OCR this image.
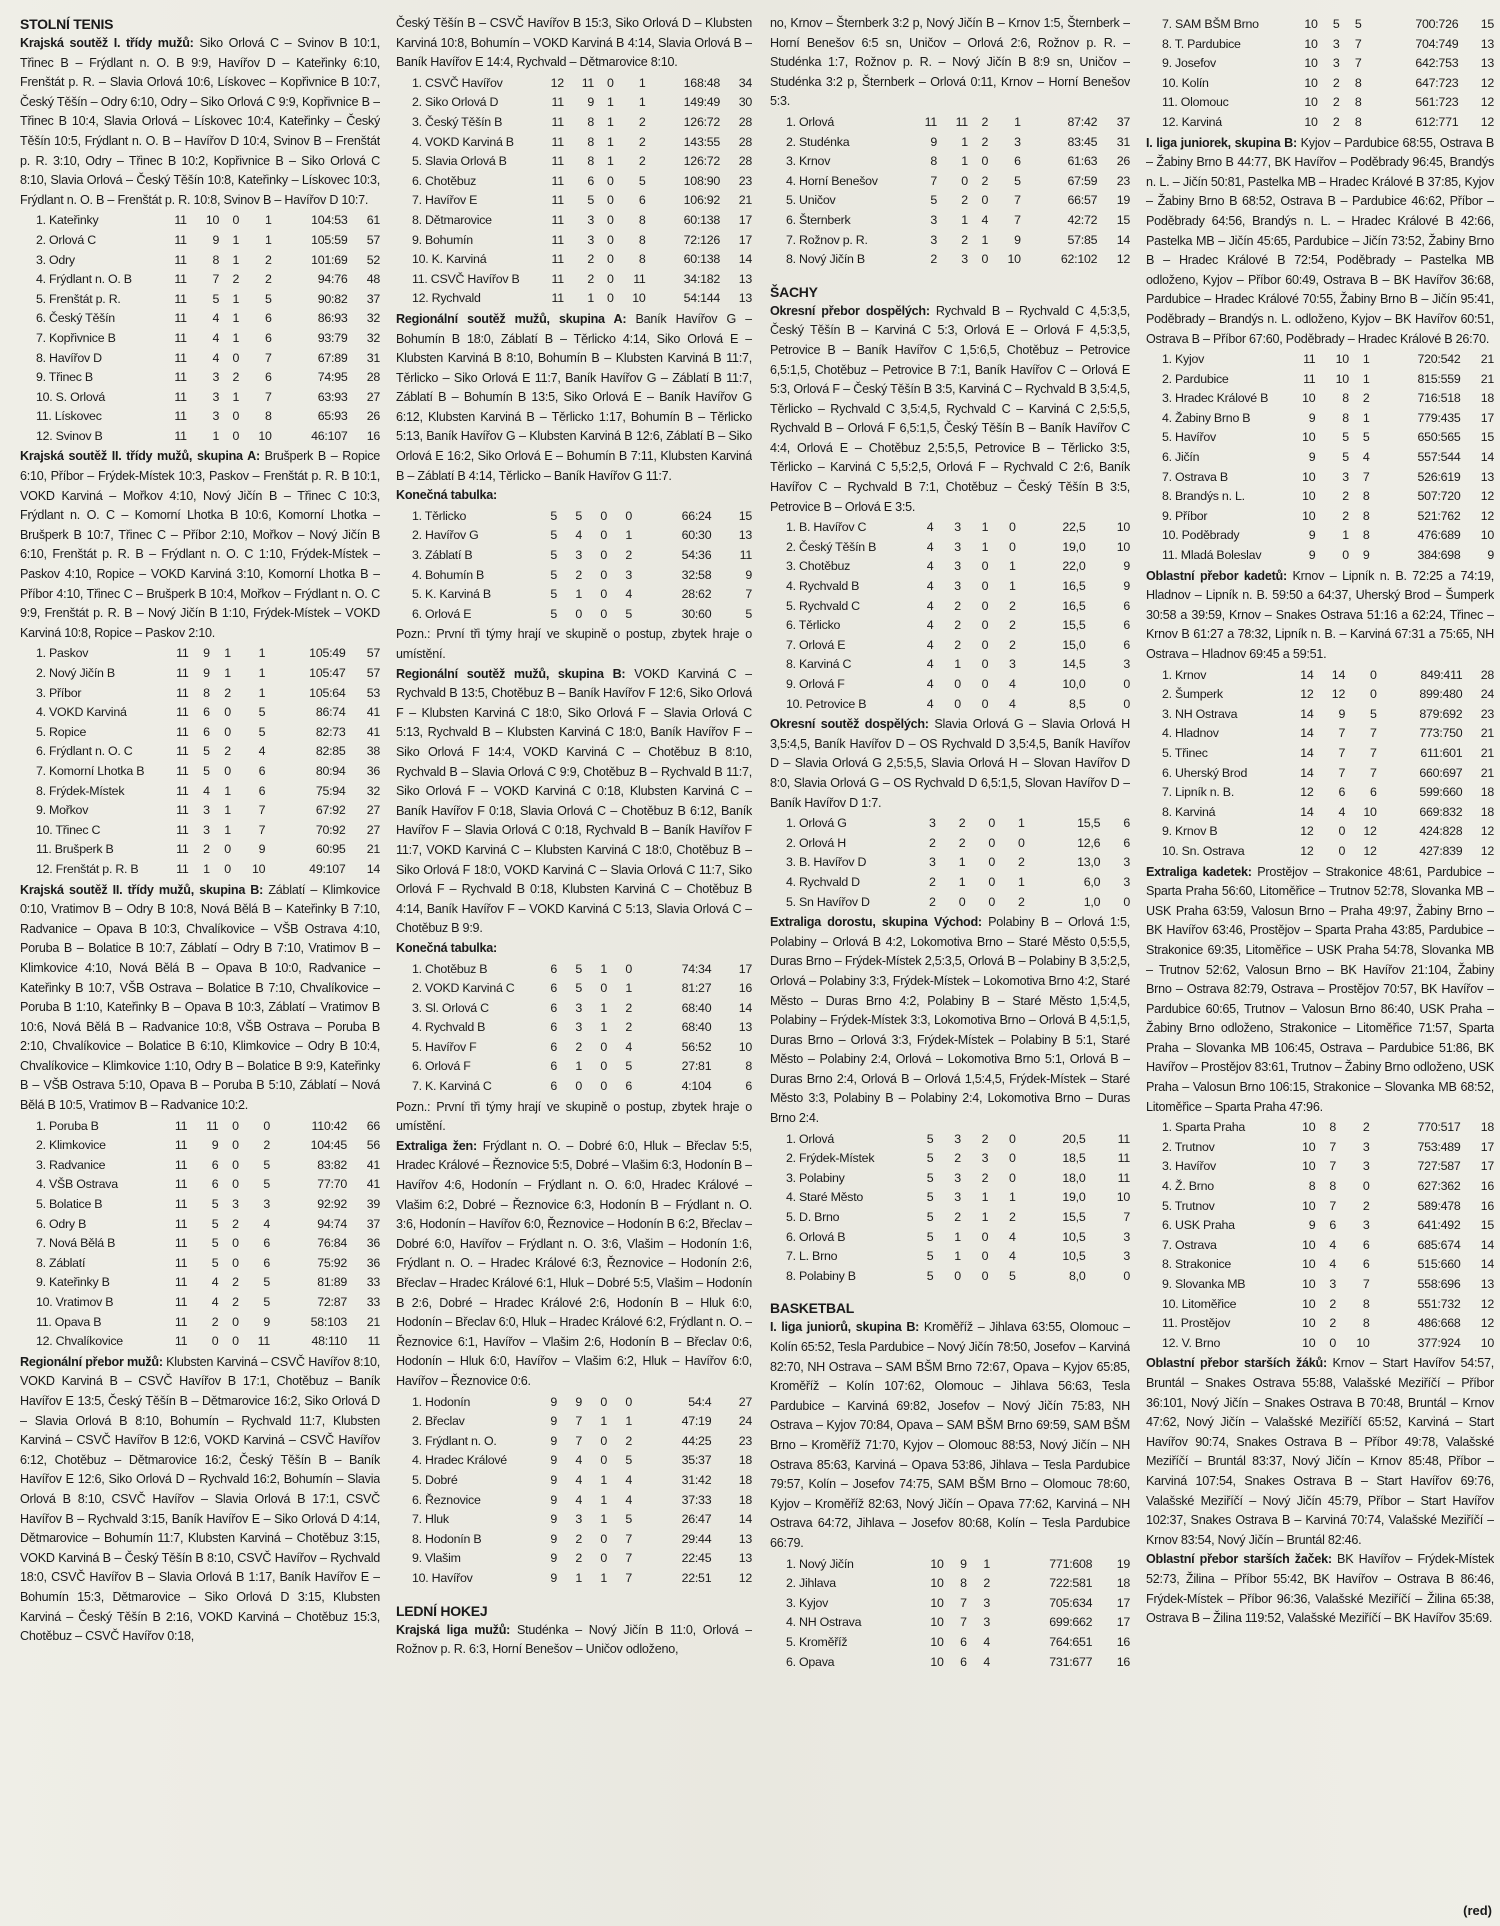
STOLNÍ TENIS

Krajská soutěž I. třídy mužů: Siko Orlová C – Svinov B 10:1, Třinec B – Frýdlant n. O. B 9:9, Havířov D – Kateřinky 6:10, Frenštát p. R. – Slavia Orlová 10:6, Lískovec – Kopřivnice B 10:7, Český Těšín – Odry 6:10, Odry – Siko Orlová C 9:9, Kopřivnice B – Třinec B 10:4, Slavia Orlová – Lískovec 10:4, Kateřinky – Český Těšín 10:5, Frýdlant n. O. B – Havířov D 10:4, Svinov B – Frenštát p. R. 3:10, Odry – Třinec B 10:2, Kopřivnice B – Siko Orlová C 8:10, Slavia Orlová – Český Těšín 10:8, Kateřinky – Lískovec 10:3, Frýdlant n. O. B – Frenštát p. R. 10:8, Svinov B – Havířov D 10:7.

1. Kateřinky	11	10	0	1	104:53	61
2. Orlová C	11	9	1	1	105:59	57
3. Odry	11	8	1	2	101:69	52
4. Frýdlant n. O. B	11	7	2	2	94:76	48
5. Frenštát p. R.	11	5	1	5	90:82	37
6. Český Těšín	11	4	1	6	86:93	32
7. Kopřivnice B	11	4	1	6	93:79	32
8. Havířov D	11	4	0	7	67:89	31
9. Třinec B	11	3	2	6	74:95	28
10. S. Orlová	11	3	1	7	63:93	27
11. Lískovec	11	3	0	8	65:93	26
12. Svinov B	11	1	0	10	46:107	16

Krajská soutěž II. třídy mužů, skupina A: Brušperk B – Ropice 6:10, Příbor – Frýdek-Místek 10:3, Paskov – Frenštát p. R. B 10:1, VOKD Karviná – Mořkov 4:10, Nový Jičín B – Třinec C 10:3, Frýdlant n. O. C – Komorní Lhotka B 10:6, Komorní Lhotka – Brušperk B 10:7, Třinec C – Příbor 2:10, Mořkov – Nový Jičín B 6:10, Frenštát p. R. B – Frýdlant n. O. C 1:10, Frýdek-Místek – Paskov 4:10, Ropice – VOKD Karviná 3:10, Komorní Lhotka B – Příbor 4:10, Třinec C – Brušperk B 10:4, Mořkov – Frýdlant n. O. C 9:9, Frenštát p. R. B – Nový Jičín B 1:10, Frýdek-Místek – VOKD Karviná 10:8, Ropice – Paskov 2:10.

1. Paskov	11	9	1	1	105:49	57
2. Nový Jičín B	11	9	1	1	105:47	57
3. Příbor	11	8	2	1	105:64	53
4. VOKD Karviná	11	6	0	5	86:74	41
5. Ropice	11	6	0	5	82:73	41
6. Frýdlant n. O. C	11	5	2	4	82:85	38
7. Komorní Lhotka B	11	5	0	6	80:94	36
8. Frýdek-Místek	11	4	1	6	75:94	32
9. Mořkov	11	3	1	7	67:92	27
10. Třinec C	11	3	1	7	70:92	27
11. Brušperk B	11	2	0	9	60:95	21
12. Frenštát p. R. B	11	1	0	10	49:107	14

Krajská soutěž II. třídy mužů, skupina B: Záblatí – Klimkovice 0:10, Vratimov B – Odry B 10:8, Nová Bělá B – Kateřinky B 7:10, Radvanice – Opava B 10:3, Chvalíkovice – VŠB Ostrava 4:10, Poruba B – Bolatice B 10:7, Záblatí – Odry B 7:10, Vratimov B – Klimkovice 4:10, Nová Bělá B – Opava B 10:0, Radvanice – Kateřinky B 10:7, VŠB Ostrava – Bolatice B 7:10, Chvalíkovice – Poruba B 1:10, Kateřinky B – Opava B 10:3, Záblatí – Vratimov B 10:6, Nová Bělá B – Radvanice 10:8, VŠB Ostrava – Poruba B 2:10, Chvalíkovice – Bolatice B 6:10, Klimkovice – Odry B 10:4, Chvalíkovice – Klimkovice 1:10, Odry B – Bolatice B 9:9, Kateřinky B – VŠB Ostrava 5:10, Opava B – Poruba B 5:10, Záblatí – Nová Bělá B 10:5, Vratimov B – Radvanice 10:2.

1. Poruba B	11	11	0	0	110:42	66
2. Klimkovice	11	9	0	2	104:45	56
3. Radvanice	11	6	0	5	83:82	41
4. VŠB Ostrava	11	6	0	5	77:70	41
5. Bolatice B	11	5	3	3	92:92	39
6. Odry B	11	5	2	4	94:74	37
7. Nová Bělá B	11	5	0	6	76:84	36
8. Záblatí	11	5	0	6	75:92	36
9. Kateřinky B	11	4	2	5	81:89	33
10. Vratimov B	11	4	2	5	72:87	33
11. Opava B	11	2	0	9	58:103	21
12. Chvalíkovice	11	0	0	11	48:110	11

Regionální přebor mužů: Klubsten Karviná – CSVČ Havířov 8:10, VOKD Karviná B – CSVČ Havířov B 17:1, Chotěbuz – Baník Havířov E 13:5, Český Těšín B – Dětmarovice 16:2, Siko Orlová D – Slavia Orlová B 8:10, Bohumín – Rychvald 11:7, Klubsten Karviná – CSVČ Havířov B 12:6, VOKD Karviná – CSVČ Havířov 6:12, Chotěbuz – Dětmarovice 16:2, Český Těšín B – Baník Havířov E 12:6, Siko Orlová D – Rychvald 16:2, Bohumín – Slavia Orlová B 8:10, CSVČ Havířov – Slavia Orlová B 17:1, CSVČ Havířov B – Rychvald 3:15, Baník Havířov E – Siko Orlová D 4:14, Dětmarovice – Bohumín 11:7, Klubsten Karviná – Chotěbuz 3:15, VOKD Karviná B – Český Těšín B 8:10, CSVČ Havířov – Rychvald 18:0, CSVČ Havířov B – Slavia Orlová B 1:17, Baník Havířov E – Bohumín 15:3, Dětmarovice – Siko Orlová D 3:15, Klubsten Karviná – Český Těšín B 2:16, VOKD Karviná – Chotěbuz 15:3, Chotěbuz – CSVČ Havířov 0:18,

Český Těšín B – CSVČ Havířov B 15:3, Siko Orlová D – Klubsten Karviná 10:8, Bohumín – VOKD Karviná B 4:14, Slavia Orlová B – Baník Havířov E 14:4, Rychvald – Dětmarovice 8:10.

1. CSVČ Havířov	12	11	0	1	168:48	34
2. Siko Orlová D	11	9	1	1	149:49	30
3. Český Těšín B	11	8	1	2	126:72	28
4. VOKD Karviná B	11	8	1	2	143:55	28
5. Slavia Orlová B	11	8	1	2	126:72	28
6. Chotěbuz	11	6	0	5	108:90	23
7. Havířov E	11	5	0	6	106:92	21
8. Dětmarovice	11	3	0	8	60:138	17
9. Bohumín	11	3	0	8	72:126	17
10. K. Karviná	11	2	0	8	60:138	14
11. CSVČ Havířov B	11	2	0	11	34:182	13
12. Rychvald	11	1	0	10	54:144	13

Regionální soutěž mužů, skupina A: Baník Havířov G – Bohumín B 18:0, Záblatí B – Těrlicko 4:14, Siko Orlová E – Klubsten Karviná B 8:10, Bohumín B – Klubsten Karviná B 11:7, Těrlicko – Siko Orlová E 11:7, Baník Havířov G – Záblatí B 11:7, Záblatí B – Bohumín B 13:5, Siko Orlová E – Baník Havířov G 6:12, Klubsten Karviná B – Těrlicko 1:17, Bohumín B – Těrlicko 5:13, Baník Havířov G – Klubsten Karviná B 12:6, Záblatí B – Siko Orlová E 16:2, Siko Orlová E – Bohumín B 7:11, Klubsten Karviná B – Záblatí B 4:14, Těrlicko – Baník Havířov G 11:7.

Konečná tabulka:

1. Těrlicko	5	5	0	0	66:24	15
2. Havířov G	5	4	0	1	60:30	13
3. Záblatí B	5	3	0	2	54:36	11
4. Bohumín B	5	2	0	3	32:58	9
5. K. Karviná B	5	1	0	4	28:62	7
6. Orlová E	5	0	0	5	30:60	5

Pozn.: První tři týmy hrají ve skupině o postup, zbytek hraje o umístění.

Regionální soutěž mužů, skupina B: VOKD Karviná C – Rychvald B 13:5, Chotěbuz B – Baník Havířov F 12:6, Siko Orlová F – Klubsten Karviná C 18:0, Siko Orlová F – Slavia Orlová C 5:13, Rychvald B – Klubsten Karviná C 18:0, Baník Havířov F – Siko Orlová F 14:4, VOKD Karviná C – Chotěbuz B 8:10, Rychvald B – Slavia Orlová C 9:9, Chotěbuz B – Rychvald B 11:7, Siko Orlová F – VOKD Karviná C 0:18, Klubsten Karviná C – Baník Havířov F 0:18, Slavia Orlová C – Chotěbuz B 6:12, Baník Havířov F – Slavia Orlová C 0:18, Rychvald B – Baník Havířov F 11:7, VOKD Karviná C – Klubsten Karviná C 18:0, Chotěbuz B – Siko Orlová F 18:0, VOKD Karviná C – Slavia Orlová C 11:7, Siko Orlová F – Rychvald B 0:18, Klubsten Karviná C – Chotěbuz B 4:14, Baník Havířov F – VOKD Karviná C 5:13, Slavia Orlová C – Chotěbuz B 9:9.

Konečná tabulka:

1. Chotěbuz B	6	5	1	0	74:34	17
2. VOKD Karviná C	6	5	0	1	81:27	16
3. Sl. Orlová C	6	3	1	2	68:40	14
4. Rychvald B	6	3	1	2	68:40	13
5. Havířov F	6	2	0	4	56:52	10
6. Orlová F	6	1	0	5	27:81	8
7. K. Karviná C	6	0	0	6	4:104	6

Pozn.: První tři týmy hrají ve skupině o postup, zbytek hraje o umístění.

Extraliga žen: Frýdlant n. O. – Dobré 6:0, Hluk – Břeclav 5:5, Hradec Králové – Řeznovice 5:5, Dobré – Vlašim 6:3, Hodonín B – Havířov 4:6, Hodonín – Frýdlant n. O. 6:0, Hradec Králové – Vlašim 6:2, Dobré – Řeznovice 6:3, Hodonín B – Frýdlant n. O. 3:6, Hodonín – Havířov 6:0, Řeznovice – Hodonín B 6:2, Břeclav – Dobré 6:0, Havířov – Frýdlant n. O. 3:6, Vlašim – Hodonín 1:6, Frýdlant n. O. – Hradec Králové 6:3, Řeznovice – Hodonín 2:6, Břeclav – Hradec Králové 6:1, Hluk – Dobré 5:5, Vlašim – Hodonín B 2:6, Dobré – Hradec Králové 2:6, Hodonín B – Hluk 6:0, Hodonín – Břeclav 6:0, Hluk – Hradec Králové 6:2, Frýdlant n. O. – Řeznovice 6:1, Havířov – Vlašim 2:6, Hodonín B – Břeclav 0:6, Hodonín – Hluk 6:0, Havířov – Vlašim 6:2, Hluk – Havířov 6:0, Havířov – Řeznovice 0:6.

1. Hodonín	9	9	0	0	54:4	27
2. Břeclav	9	7	1	1	47:19	24
3. Frýdlant n. O.	9	7	0	2	44:25	23
4. Hradec Králové	9	4	0	5	35:37	18
5. Dobré	9	4	1	4	31:42	18
6. Řeznovice	9	4	1	4	37:33	18
7. Hluk	9	3	1	5	26:47	14
8. Hodonín B	9	2	0	7	29:44	13
9. Vlašim	9	2	0	7	22:45	13
10. Havířov	9	1	1	7	22:51	12
LEDNÍ HOKEJ

Krajská liga mužů: Studénka – Nový Jičín B 11:0, Orlová – Rožnov p. R. 6:3, Horní Benešov – Uničov odloženo,

no, Krnov – Šternberk 3:2 p, Nový Jičín B – Krnov 1:5, Šternberk – Horní Benešov 6:5 sn, Uničov – Orlová 2:6, Rožnov p. R. – Studénka 1:7, Rožnov p. R. – Nový Jičín B 8:9 sn, Uničov – Studénka 3:2 p, Šternberk – Orlová 0:11, Krnov – Horní Benešov 5:3.

1. Orlová	11	11	2	1	87:42	37
2. Studénka	9	1	2	3	83:45	31
3. Krnov	8	1	0	6	61:63	26
4. Horní Benešov	7	0	2	5	67:59	23
5. Uničov	5	2	0	7	66:57	19
6. Šternberk	3	1	4	7	42:72	15
7. Rožnov p. R.	3	2	1	9	57:85	14
8. Nový Jičín B	2	3	0	10	62:102	12
ŠACHY

Okresní přebor dospělých: Rychvald B – Rychvald C 4,5:3,5, Český Těšín B – Karviná C 5:3, Orlová E – Orlová F 4,5:3,5, Petrovice B – Baník Havířov C 1,5:6,5, Chotěbuz – Petrovice 6,5:1,5, Chotěbuz – Petrovice B 7:1, Baník Havířov C – Orlová E 5:3, Orlová F – Český Těšín B 3:5, Karviná C – Rychvald B 3,5:4,5, Těrlicko – Rychvald C 3,5:4,5, Rychvald C – Karviná C 2,5:5,5, Rychvald B – Orlová F 6,5:1,5, Český Těšín B – Baník Havířov C 4:4, Orlová E – Chotěbuz 2,5:5,5, Petrovice B – Těrlicko 3:5, Těrlicko – Karviná C 5,5:2,5, Orlová F – Rychvald C 2:6, Baník Havířov C – Rychvald B 7:1, Chotěbuz – Český Těšín B 3:5, Petrovice B – Orlová E 3:5.

1. B. Havířov C	4	3	1	0	22,5	10
2. Český Těšín B	4	3	1	0	19,0	10
3. Chotěbuz	4	3	0	1	22,0	9
4. Rychvald B	4	3	0	1	16,5	9
5. Rychvald C	4	2	0	2	16,5	6
6. Těrlicko	4	2	0	2	15,5	6
7. Orlová E	4	2	0	2	15,0	6
8. Karviná C	4	1	0	3	14,5	3
9. Orlová F	4	0	0	4	10,0	0
10. Petrovice B	4	0	0	4	8,5	0

Okresní soutěž dospělých: Slavia Orlová G – Slavia Orlová H 3,5:4,5, Baník Havířov D – OS Rychvald D 3,5:4,5, Baník Havířov D – Slavia Orlová G 2,5:5,5, Slavia Orlová H – Slovan Havířov D 8:0, Slavia Orlová G – OS Rychvald D 6,5:1,5, Slovan Havířov D – Baník Havířov D 1:7.

1. Orlová G	3	2	0	1	15,5	6
2. Orlová H	2	2	0	0	12,6	6
3. B. Havířov D	3	1	0	2	13,0	3
4. Rychvald D	2	1	0	1	6,0	3
5. Sn Havířov D	2	0	0	2	1,0	0

Extraliga dorostu, skupina Východ: Polabiny B – Orlová 1:5, Polabiny – Orlová B 4:2, Lokomotiva Brno – Staré Město 0,5:5,5, Duras Brno – Frýdek-Místek 2,5:3,5, Orlová B – Polabiny B 3,5:2,5, Orlová – Polabiny 3:3, Frýdek-Místek – Lokomotiva Brno 4:2, Staré Město – Duras Brno 4:2, Polabiny B – Staré Město 1,5:4,5, Polabiny – Frýdek-Místek 3:3, Lokomotiva Brno – Orlová B 4,5:1,5, Duras Brno – Orlová 3:3, Frýdek-Místek – Polabiny B 5:1, Staré Město – Polabiny 2:4, Orlová – Lokomotiva Brno 5:1, Orlová B – Duras Brno 2:4, Orlová B – Orlová 1,5:4,5, Frýdek-Místek – Staré Město 3:3, Polabiny B – Polabiny 2:4, Lokomotiva Brno – Duras Brno 2:4.

1. Orlová	5	3	2	0	20,5	11
2. Frýdek-Místek	5	2	3	0	18,5	11
3. Polabiny	5	3	2	0	18,0	11
4. Staré Město	5	3	1	1	19,0	10
5. D. Brno	5	2	1	2	15,5	7
6. Orlová B	5	1	0	4	10,5	3
7. L. Brno	5	1	0	4	10,5	3
8. Polabiny B	5	0	0	5	8,0	0
BASKETBAL

I. liga juniorů, skupina B: Kroměříž – Jihlava 63:55, Olomouc – Kolín 65:52, Tesla Pardubice – Nový Jičín 78:50, Josefov – Karviná 82:70, NH Ostrava – SAM BŠM Brno 72:67, Opava – Kyjov 65:85, Kroměříž – Kolín 107:62, Olomouc – Jihlava 56:63, Tesla Pardubice – Karviná 69:82, Josefov – Nový Jičín 75:83, NH Ostrava – Kyjov 70:84, Opava – SAM BŠM Brno 69:59, SAM BŠM Brno – Kroměříž 71:70, Kyjov – Olomouc 88:53, Nový Jičín – NH Ostrava 85:63, Karviná – Opava 53:86, Jihlava – Tesla Pardubice 79:57, Kolín – Josefov 74:75, SAM BŠM Brno – Olomouc 78:60, Kyjov – Kroměříž 82:63, Nový Jičín – Opava 77:62, Karviná – NH Ostrava 64:72, Jihlava – Josefov 80:68, Kolín – Tesla Pardubice 66:79.

1. Nový Jičín	10	9	1	771:608	19
2. Jihlava	10	8	2	722:581	18
3. Kyjov	10	7	3	705:634	17
4. NH Ostrava	10	7	3	699:662	17
5. Kroměříž	10	6	4	764:651	16
6. Opava	10	6	4	731:677	16
7. SAM BŠM Brno	10	5	5	700:726	15
8. T. Pardubice	10	3	7	704:749	13
9. Josefov	10	3	7	642:753	13
10. Kolín	10	2	8	647:723	12
11. Olomouc	10	2	8	561:723	12
12. Karviná	10	2	8	612:771	12

I. liga juniorek, skupina B: Kyjov – Pardubice 68:55, Ostrava B – Žabiny Brno B 44:77, BK Havířov – Poděbrady 96:45, Brandýs n. L. – Jičín 50:81, Pastelka MB – Hradec Králové B 37:85, Kyjov – Žabiny Brno B 68:52, Ostrava B – Pardubice 46:62, Příbor – Poděbrady 64:56, Brandýs n. L. – Hradec Králové B 42:66, Pastelka MB – Jičín 45:65, Pardubice – Jičín 73:52, Žabiny Brno B – Hradec Králové B 72:54, Poděbrady – Pastelka MB odloženo, Kyjov – Příbor 60:49, Ostrava B – BK Havířov 36:68, Pardubice – Hradec Králové 70:55, Žabiny Brno B – Jičín 95:41, Poděbrady – Brandýs n. L. odloženo, Kyjov – BK Havířov 60:51, Ostrava B – Příbor 67:60, Poděbrady – Hradec Králové B 26:70.

1. Kyjov	11	10	1	720:542	21
2. Pardubice	11	10	1	815:559	21
3. Hradec Králové B	10	8	2	716:518	18
4. Žabiny Brno B	9	8	1	779:435	17
5. Havířov	10	5	5	650:565	15
6. Jičín	9	5	4	557:544	14
7. Ostrava B	10	3	7	526:619	13
8. Brandýs n. L.	10	2	8	507:720	12
9. Příbor	10	2	8	521:762	12
10. Poděbrady	9	1	8	476:689	10
11. Mladá Boleslav	9	0	9	384:698	9

Oblastní přebor kadetů: Krnov – Lipník n. B. 72:25 a 74:19, Hladnov – Lipník n. B. 59:50 a 64:37, Uherský Brod – Šumperk 30:58 a 39:59, Krnov – Snakes Ostrava 51:16 a 62:24, Třinec – Krnov B 61:27 a 78:32, Lipník n. B. – Karviná 67:31 a 75:65, NH Ostrava – Hladnov 69:45 a 59:51.

1. Krnov	14	14	0	849:411	28
2. Šumperk	12	12	0	899:480	24
3. NH Ostrava	14	9	5	879:692	23
4. Hladnov	14	7	7	773:750	21
5. Třinec	14	7	7	611:601	21
6. Uherský Brod	14	7	7	660:697	21
7. Lipník n. B.	12	6	6	599:660	18
8. Karviná	14	4	10	669:832	18
9. Krnov B	12	0	12	424:828	12
10. Sn. Ostrava	12	0	12	427:839	12

Extraliga kadetek: Prostějov – Strakonice 48:61, Pardubice – Sparta Praha 56:60, Litoměřice – Trutnov 52:78, Slovanka MB – USK Praha 63:59, Valosun Brno – Praha 49:97, Žabiny Brno – BK Havířov 63:46, Prostějov – Sparta Praha 43:85, Pardubice – Strakonice 69:35, Litoměřice – USK Praha 54:78, Slovanka MB – Trutnov 52:62, Valosun Brno – BK Havířov 21:104, Žabiny Brno – Ostrava 82:79, Ostrava – Prostějov 70:57, BK Havířov – Pardubice 60:65, Trutnov – Valosun Brno 86:40, USK Praha – Žabiny Brno odloženo, Strakonice – Litoměřice 71:57, Sparta Praha – Slovanka MB 106:45, Ostrava – Pardubice 51:86, BK Havířov – Prostějov 83:61, Trutnov – Žabiny Brno odloženo, USK Praha – Valosun Brno 106:15, Strakonice – Slovanka MB 68:52, Litoměřice – Sparta Praha 47:96.

1. Sparta Praha	10	8	2	770:517	18
2. Trutnov	10	7	3	753:489	17
3. Havířov	10	7	3	727:587	17
4. Ž. Brno	8	8	0	627:362	16
5. Trutnov	10	7	2	589:478	16
6. USK Praha	9	6	3	641:492	15
7. Ostrava	10	4	6	685:674	14
8. Strakonice	10	4	6	515:660	14
9. Slovanka MB	10	3	7	558:696	13
10. Litoměřice	10	2	8	551:732	12
11. Prostějov	10	2	8	486:668	12
12. V. Brno	10	0	10	377:924	10

Oblastní přebor starších žáků: Krnov – Start Havířov 54:57, Bruntál – Snakes Ostrava 55:88, Valašské Meziříčí – Příbor 36:101, Nový Jičín – Snakes Ostrava B 70:48, Bruntál – Krnov 47:62, Nový Jičín – Valašské Meziříčí 65:52, Karviná – Start Havířov 90:74, Snakes Ostrava B – Příbor 49:78, Valašské Meziříčí – Bruntál 83:37, Nový Jičín – Krnov 85:48, Příbor – Karviná 107:54, Snakes Ostrava B – Start Havířov 69:76, Valašské Meziříčí – Nový Jičín 45:79, Příbor – Start Havířov 102:37, Snakes Ostrava B – Karviná 70:74, Valašské Meziříčí – Krnov 83:54, Nový Jičín – Bruntál 82:46.

Oblastní přebor starších žaček: BK Havířov – Frýdek-Místek 52:73, Žilina – Příbor 55:42, BK Havířov – Ostrava B 86:46, Frýdek-Místek – Příbor 96:36, Valašské Meziříčí – Žilina 65:38, Ostrava B – Žilina 119:52, Valašské Meziříčí – BK Havířov 35:69.

(red)
